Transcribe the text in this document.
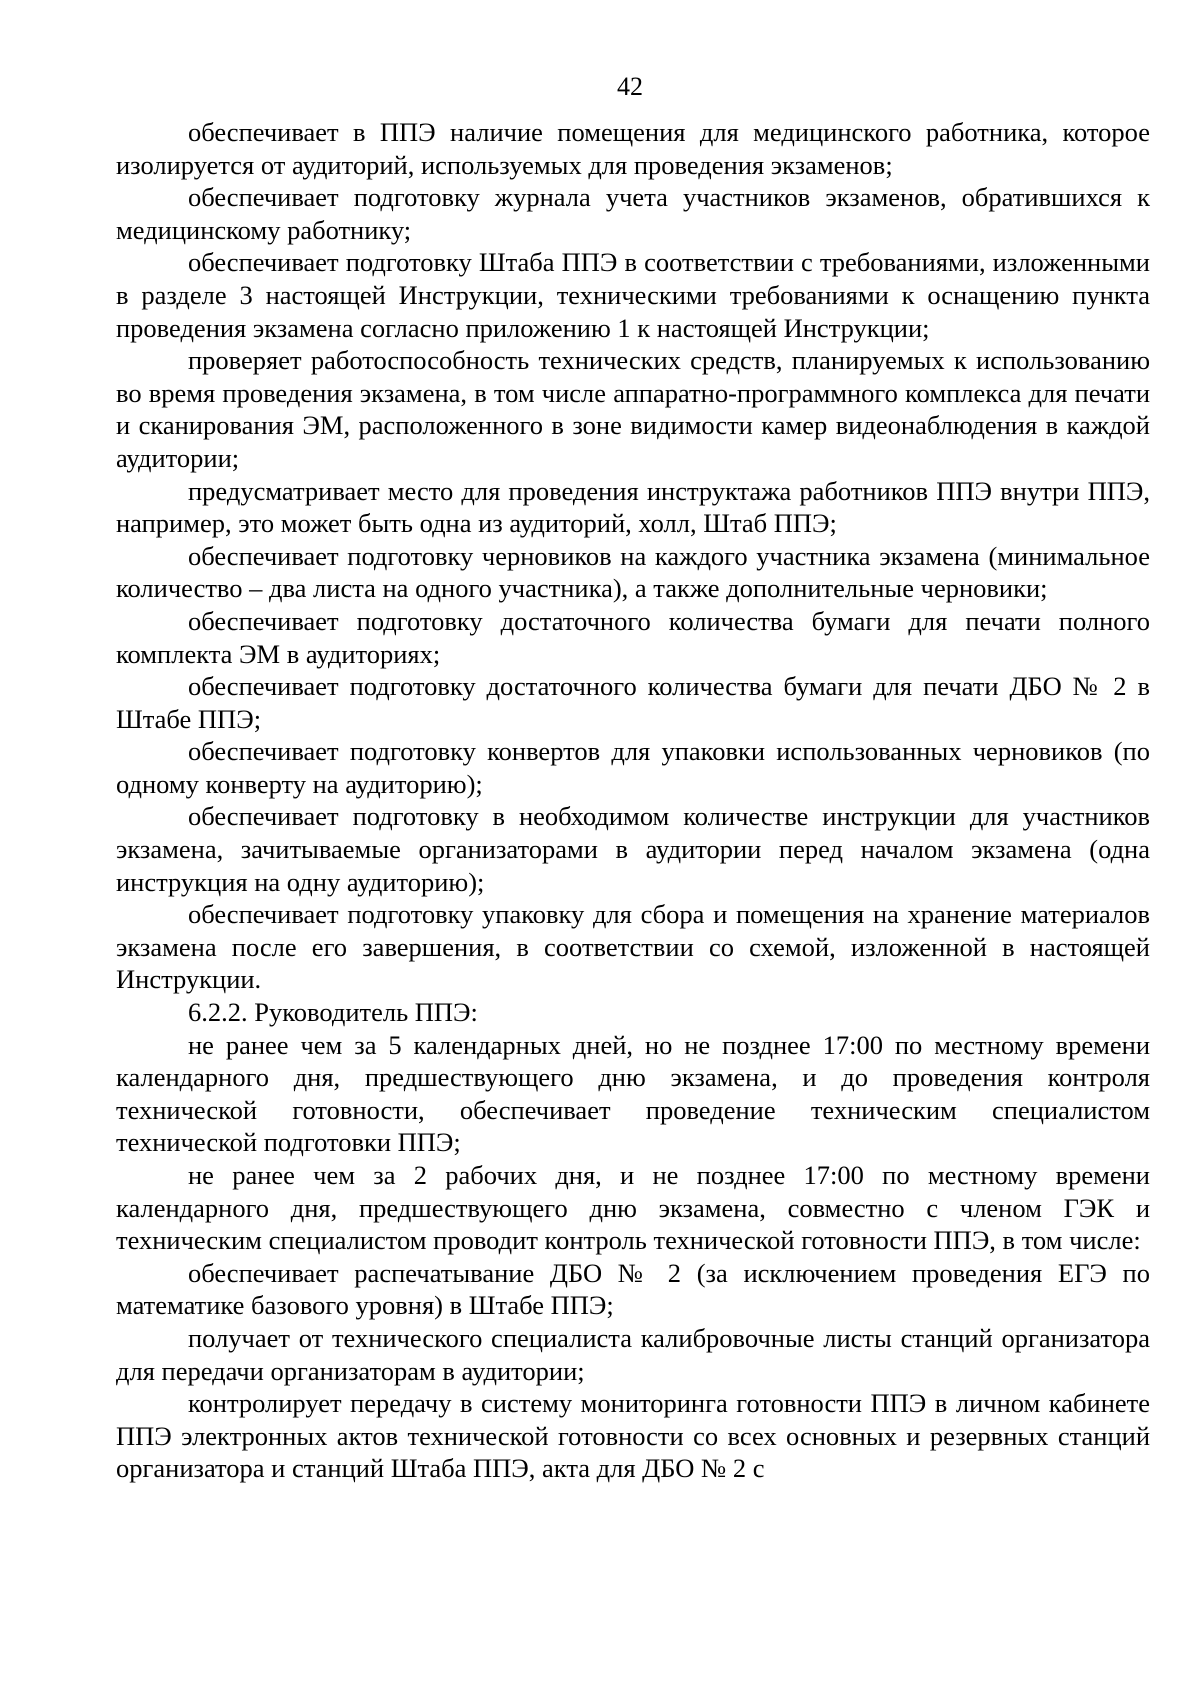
42

обеспечивает в ППЭ наличие помещения для медицинского работника, которое изолируется от аудиторий, используемых для проведения экзаменов;

обеспечивает подготовку журнала учета участников экзаменов, обратившихся к медицинскому работнику;

обеспечивает подготовку Штаба ППЭ в соответствии с требованиями, изложенными в разделе 3 настоящей Инструкции, техническими требованиями к оснащению пункта проведения экзамена согласно приложению 1 к настоящей Инструкции;

проверяет работоспособность технических средств, планируемых к использованию во время проведения экзамена, в том числе аппаратно-программного комплекса для печати и сканирования ЭМ, расположенного в зоне видимости камер видеонаблюдения в каждой аудитории;

предусматривает место для проведения инструктажа работников ППЭ внутри ППЭ, например, это может быть одна из аудиторий, холл, Штаб ППЭ;

обеспечивает подготовку черновиков на каждого участника экзамена (минимальное количество – два листа на одного участника), а также дополнительные черновики;

обеспечивает подготовку достаточного количества бумаги для печати полного комплекта ЭМ в аудиториях;

обеспечивает подготовку достаточного количества бумаги для печати ДБО № 2 в Штабе ППЭ;

обеспечивает подготовку конвертов для упаковки использованных черновиков (по одному конверту на аудиторию);

обеспечивает подготовку в необходимом количестве инструкции для участников экзамена, зачитываемые организаторами в аудитории перед началом экзамена (одна инструкция на одну аудиторию);

обеспечивает подготовку упаковку для сбора и помещения на хранение материалов экзамена после его завершения, в соответствии со схемой, изложенной в настоящей Инструкции.

6.2.2. Руководитель ППЭ:

не ранее чем за 5 календарных дней, но не позднее 17:00 по местному времени календарного дня, предшествующего дню экзамена, и до проведения контроля технической готовности, обеспечивает проведение техническим специалистом технической подготовки ППЭ;

не ранее чем за 2 рабочих дня, и не позднее 17:00 по местному времени календарного дня, предшествующего дню экзамена, совместно с членом ГЭК и техническим специалистом проводит контроль технической готовности ППЭ, в том числе:

обеспечивает распечатывание ДБО № 2 (за исключением проведения ЕГЭ по математике базового уровня) в Штабе ППЭ;

получает от технического специалиста калибровочные листы станций организатора для передачи организаторам в аудитории;

контролирует передачу в систему мониторинга готовности ППЭ в личном кабинете ППЭ электронных актов технической готовности со всех основных и резервных станций организатора и станций Штаба ППЭ, акта для ДБО № 2 с
